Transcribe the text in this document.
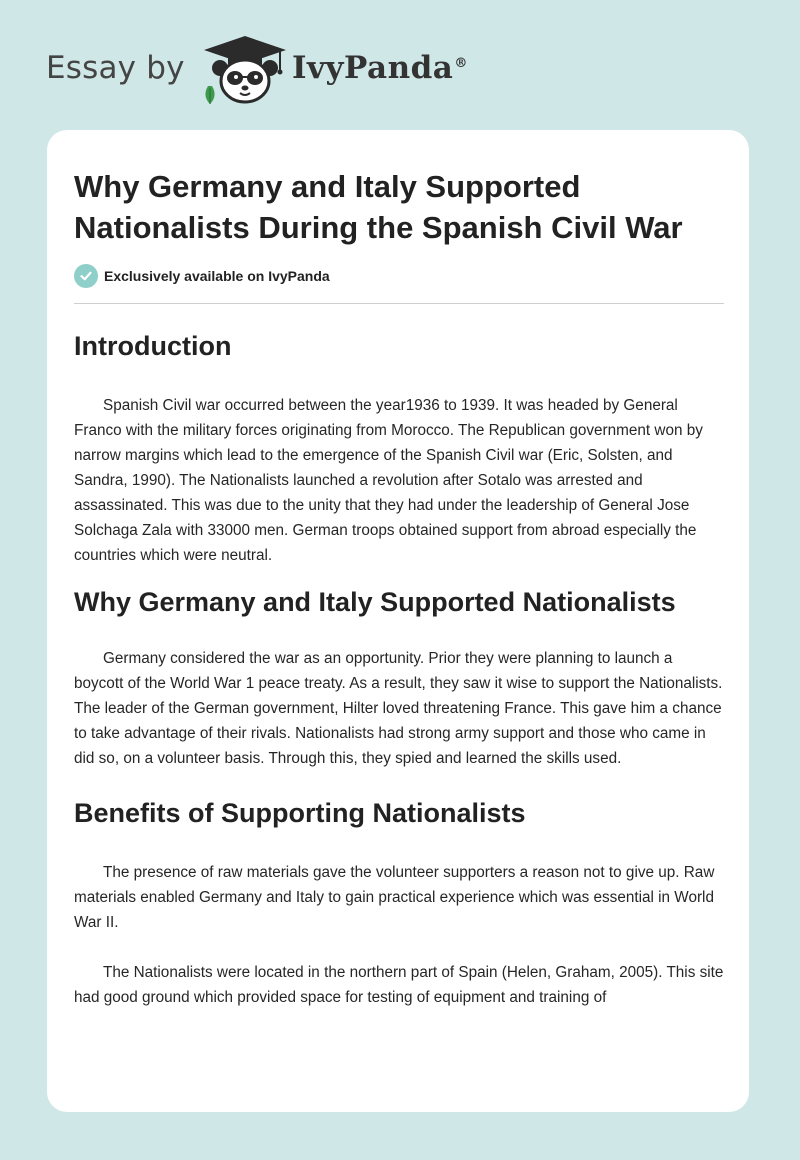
Essay by	IvyPanda®
Why Germany and Italy Supported Nationalists During the Spanish Civil War
Exclusively available on IvyPanda
Introduction

Spanish Civil war occurred between the year1936 to 1939. It was headed by General Franco with the military forces originating from Morocco. The Republican government won by narrow margins which lead to the emergence of the Spanish Civil war (Eric, Solsten, and Sandra, 1990). The Nationalists launched a revolution after Sotalo was arrested and assassinated. This was due to the unity that they had under the leadership of General Jose Solchaga Zala with 33000 men. German troops obtained support from abroad especially the countries which were neutral.

Why Germany and Italy Supported Nationalists

Germany considered the war as an opportunity. Prior they were planning to launch a boycott of the World War 1 peace treaty. As a result, they saw it wise to support the Nationalists. The leader of the German government, Hilter loved threatening France. This gave him a chance to take advantage of their rivals. Nationalists had strong army support and those who came in did so, on a volunteer basis. Through this, they spied and learned the skills used.

Benefits of Supporting Nationalists

The presence of raw materials gave the volunteer supporters a reason not to give up. Raw materials enabled Germany and Italy to gain practical experience which was essential in World War II.

The Nationalists were located in the northern part of Spain (Helen, Graham, 2005). This site had good ground which provided space for testing of equipment and training of
